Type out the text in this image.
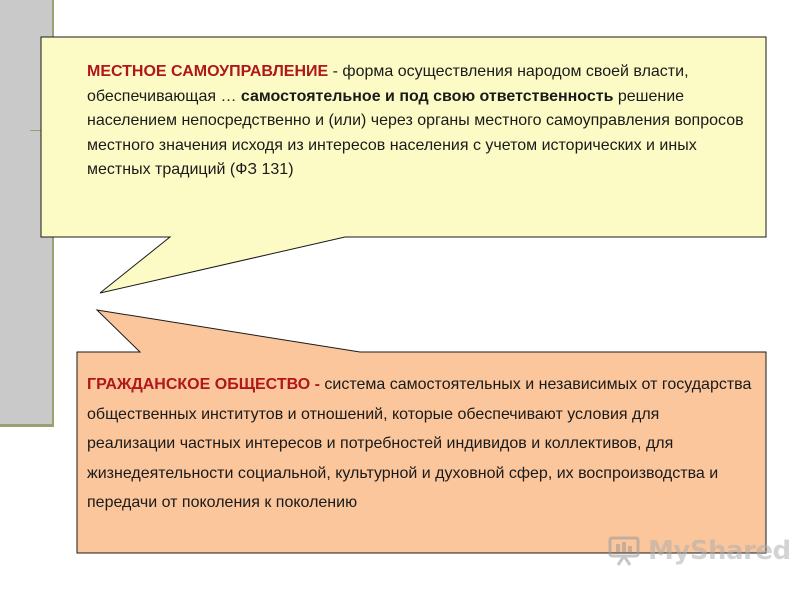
МЕСТНОЕ САМОУПРАВЛЕНИЕ - форма осуществления народом своей власти, обеспечивающая … самостоятельное и под свою ответственность решение населением непосредственно и (или) через органы местного самоуправления вопросов местного значения исходя из интересов населения с учетом исторических и иных местных традиций (ФЗ 131)
ГРАЖДАНСКОЕ ОБЩЕСТВО - система самостоятельных и независимых от государства общественных институтов и отношений, которые обеспечивают условия для реализации частных интересов и потребностей индивидов и коллективов, для жизнедеятельности социальной, культурной и духовной сфер, их воспроизводства и передачи от поколения к поколению
MyShared
